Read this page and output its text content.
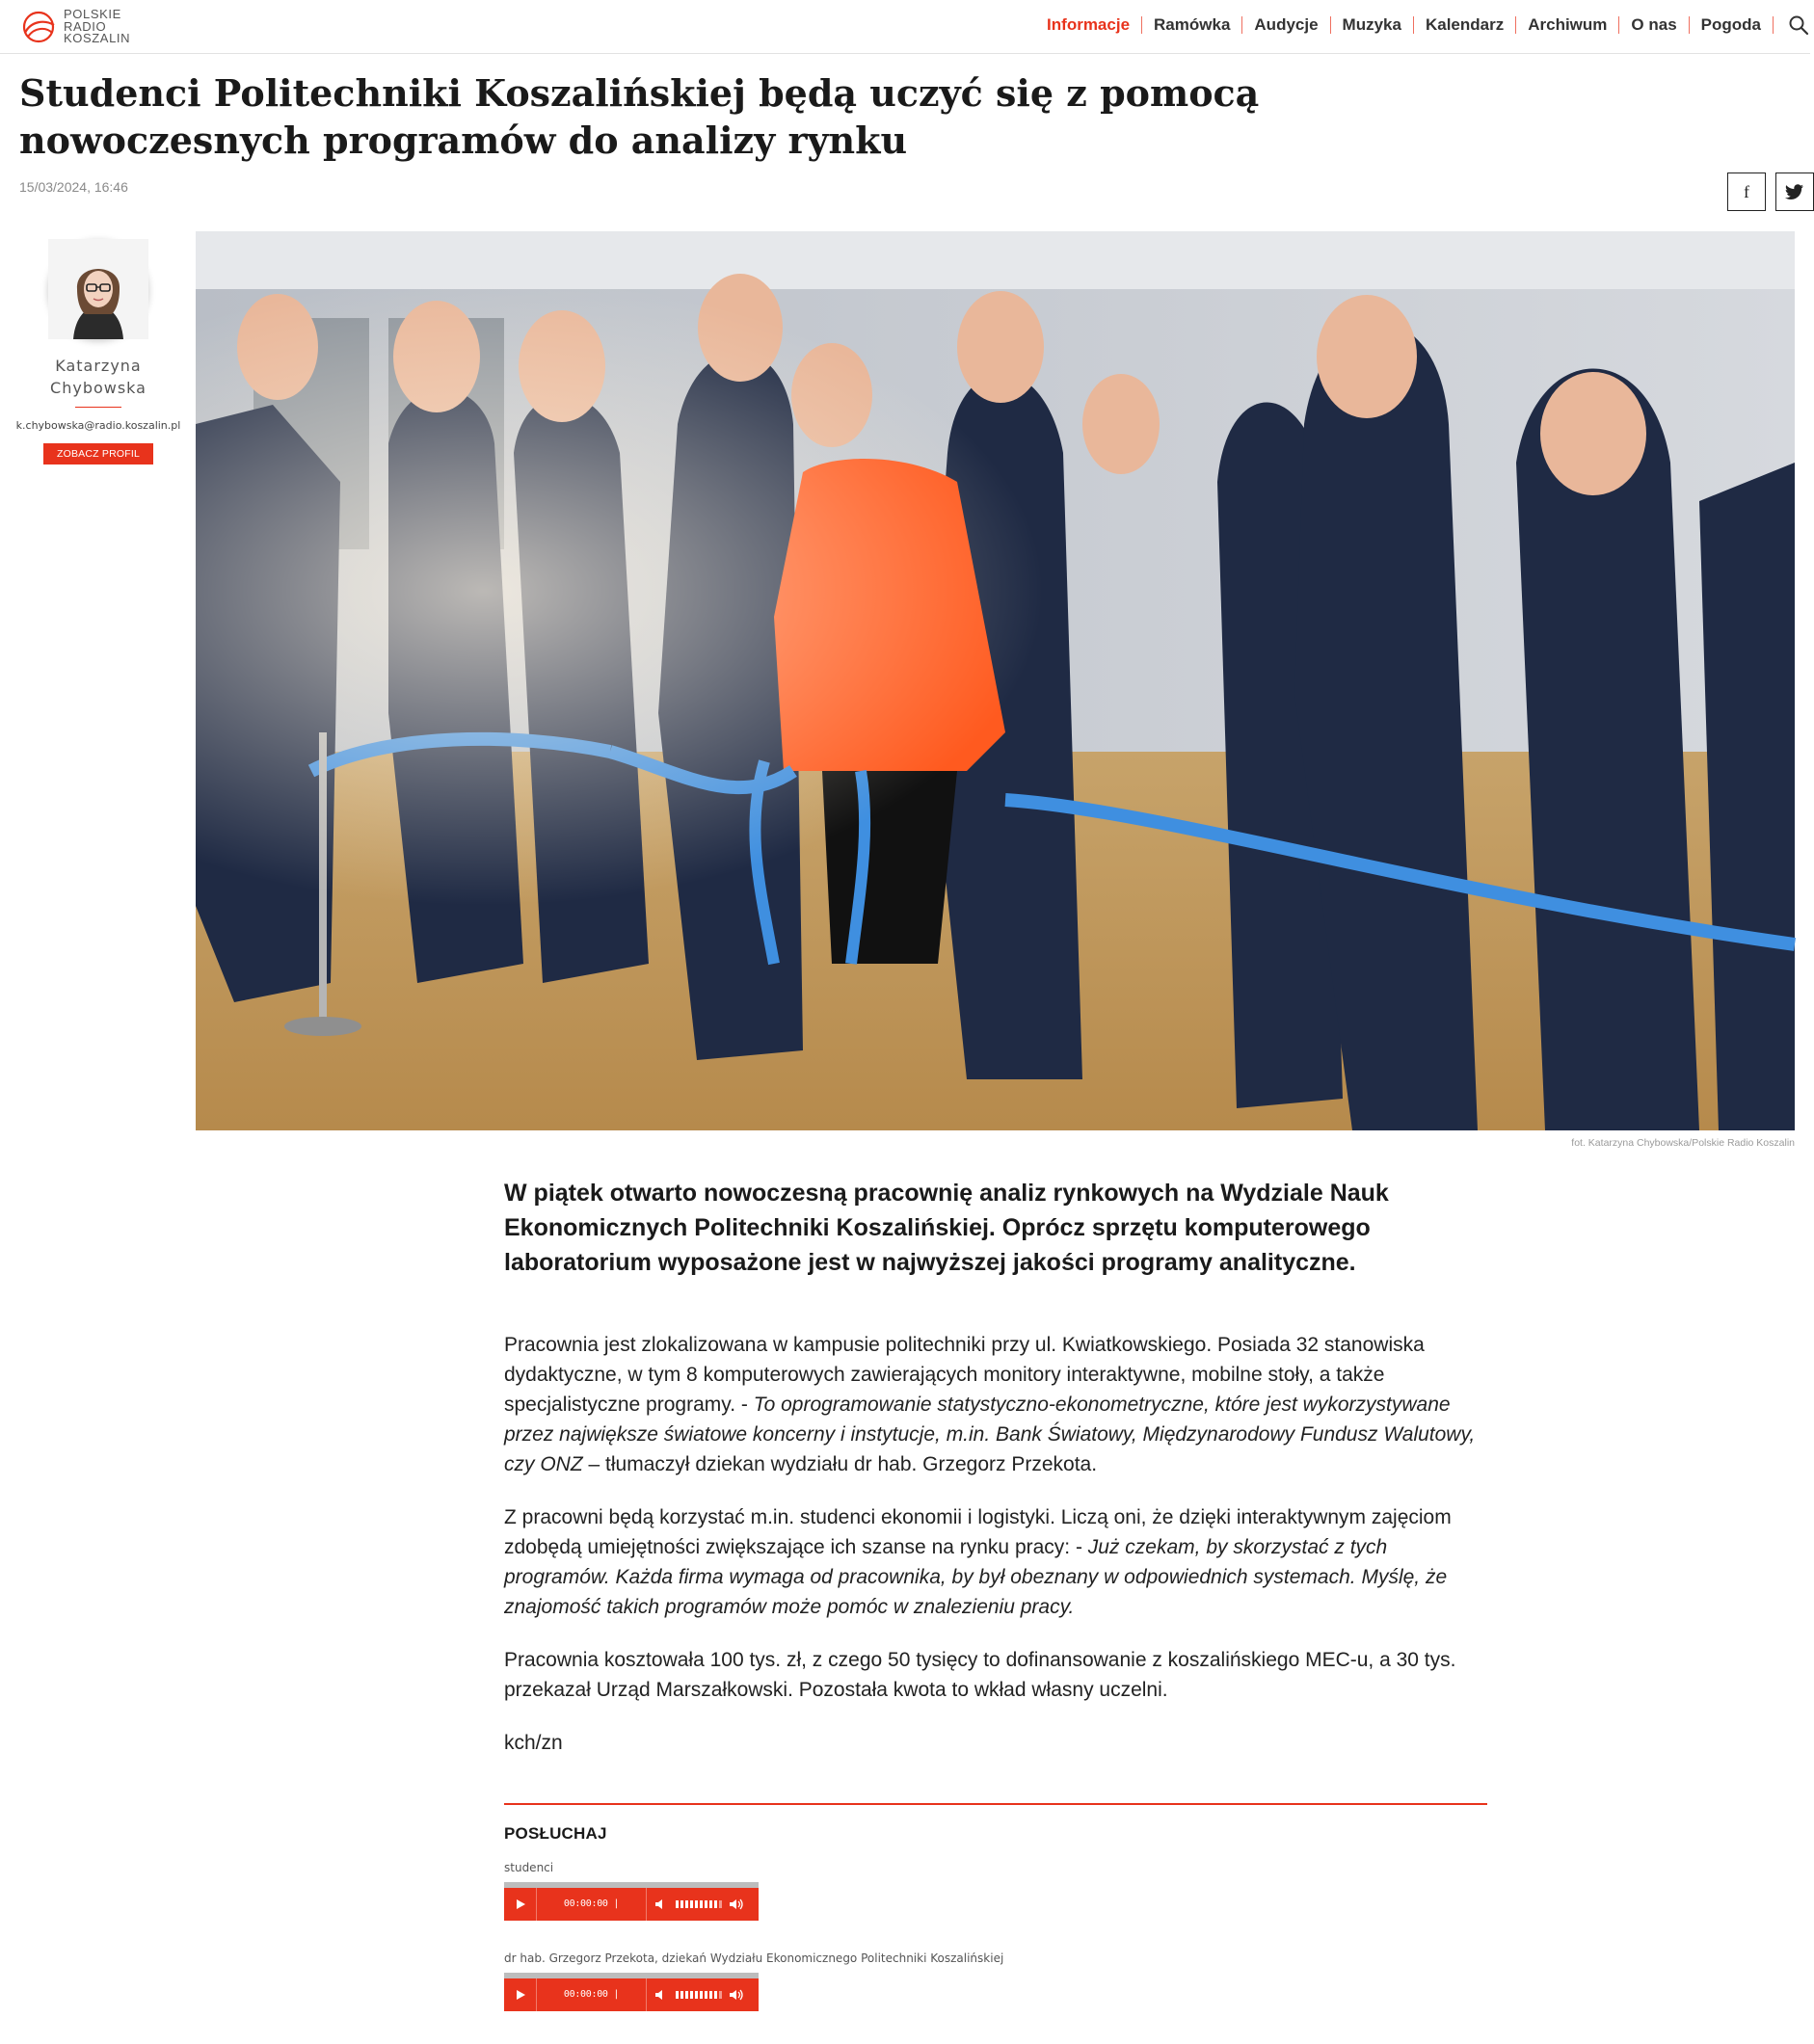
POLSKIE
RADIO
KOSZALIN
Informacje	Ramówka	Audycje	Muzyka	Kalendarz	Archiwum	O nas	Pogoda
Studenci Politechniki Koszalińskiej będą uczyć się z pomocą nowoczesnych programów do analizy rynku
15/03/2024, 16:46	f
Katarzyna
Chybowska
k.chybowska@radio.koszalin.pl
ZOBACZ PROFIL
fot. Katarzyna Chybowska/Polskie Radio Koszalin

W piątek otwarto nowoczesną pracownię analiz rynkowych na Wydziale Nauk Ekonomicznych Politechniki Koszalińskiej. Oprócz sprzętu komputerowego laboratorium wyposażone jest w najwyższej jakości programy analityczne.

Pracownia jest zlokalizowana w kampusie politechniki przy ul. Kwiatkowskiego. Posiada 32 stanowiska dydaktyczne, w tym 8 komputerowych zawierających monitory interaktywne, mobilne stoły, a także specjalistyczne programy. - To oprogramowanie statystyczno-ekonometryczne, które jest wykorzystywane przez największe światowe koncerny i instytucje, m.in. Bank Światowy, Międzynarodowy Fundusz Walutowy, czy ONZ – tłumaczył dziekan wydziału dr hab. Grzegorz Przekota.

Z pracowni będą korzystać m.in. studenci ekonomii i logistyki. Liczą oni, że dzięki interaktywnym zajęciom zdobędą umiejętności zwiększające ich szanse na rynku pracy: - Już czekam, by skorzystać z tych programów. Każda firma wymaga od pracownika, by był obeznany w odpowiednich systemach. Myślę, że znajomość takich programów może pomóc w znalezieniu pracy.

Pracownia kosztowała 100 tys. zł, z czego 50 tysięcy to dofinansowanie z koszalińskiego MEC-u, a 30 tys. przekazał Urząd Marszałkowski. Pozostała kwota to wkład własny uczelni.

kch/zn

POSŁUCHAJ
studenci
00:00:00 | 00:00:00
dr hab. Grzegorz Przekota, dziekań Wydziału Ekonomicznego Politechniki Koszalińskiej
00:00:00 | 00:00:00
